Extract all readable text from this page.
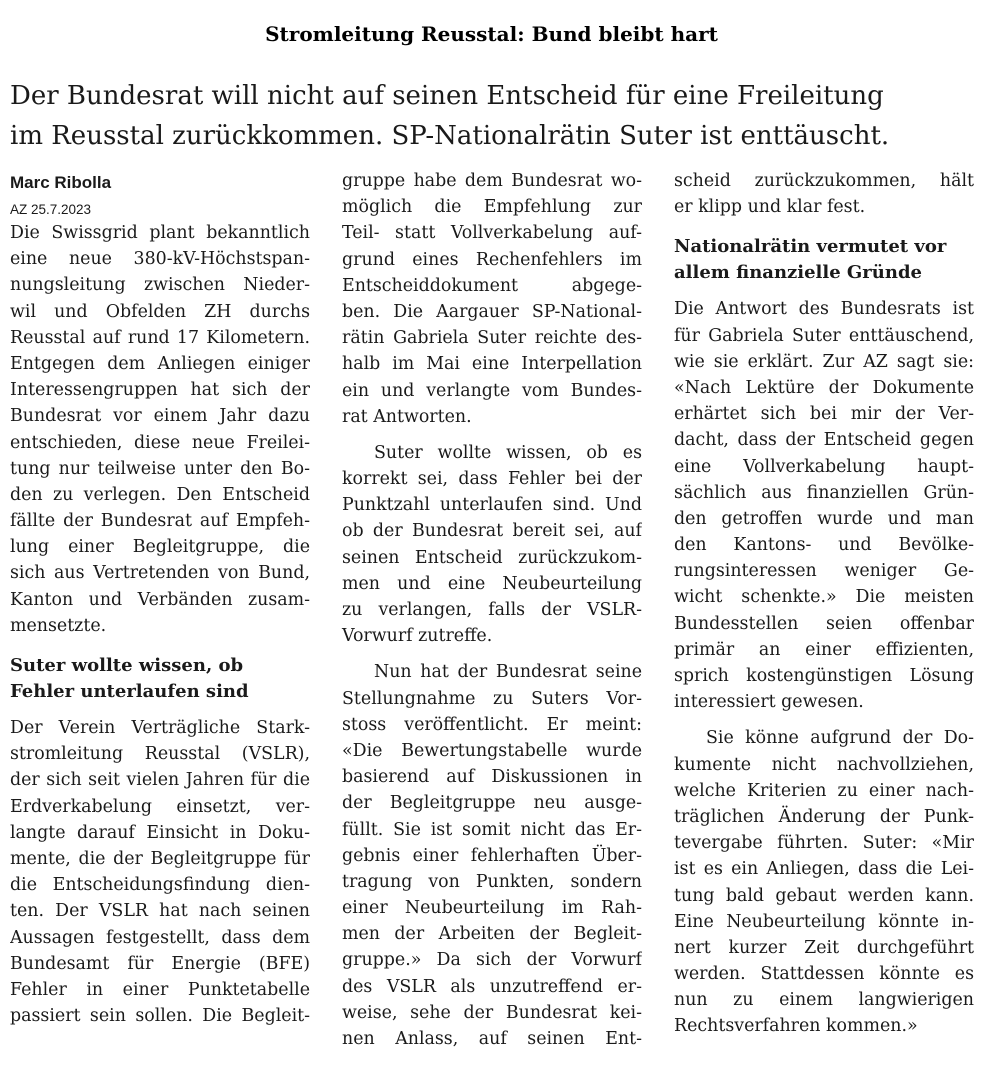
Stromleitung Reusstal: Bund bleibt hart
Der Bundesrat will nicht auf seinen Entscheid für eine Freileitung
im Reusstal zurückkommen. SP-Nationalrätin Suter ist enttäuscht.
Marc Ribolla
AZ 25.7.2023
Die Swissgrid plant bekanntlich
eine neue 380-kV-Höchstspan-
nungsleitung zwischen Nieder-
wil und Obfelden ZH durchs
Reusstal auf rund 17 Kilometern.
Entgegen dem Anliegen einiger
Interessengruppen hat sich der
Bundesrat vor einem Jahr dazu
entschieden, diese neue Freilei-
tung nur teilweise unter den Bo-
den zu verlegen. Den Entscheid
fällte der Bundesrat auf Empfeh-
lung einer Begleitgruppe, die
sich aus Vertretenden von Bund,
Kanton und Verbänden zusam-
mensetzte.
Suter wollte wissen, ob
Fehler unterlaufen sind
Der Verein Verträgliche Stark-
stromleitung Reusstal (VSLR),
der sich seit vielen Jahren für die
Erdverkabelung einsetzt, ver-
langte darauf Einsicht in Doku-
mente, die der Begleitgruppe für
die Entscheidungsfindung dien-
ten. Der VSLR hat nach seinen
Aussagen festgestellt, dass dem
Bundesamt für Energie (BFE)
Fehler in einer Punktetabelle
passiert sein sollen. Die Begleit-
gruppe habe dem Bundesrat wo-
möglich die Empfehlung zur
Teil- statt Vollverkabelung auf-
grund eines Rechenfehlers im
Entscheiddokument abgege-
ben. Die Aargauer SP-National-
rätin Gabriela Suter reichte des-
halb im Mai eine Interpellation
ein und verlangte vom Bundes-
rat Antworten.
Suter wollte wissen, ob es
korrekt sei, dass Fehler bei der
Punktzahl unterlaufen sind. Und
ob der Bundesrat bereit sei, auf
seinen Entscheid zurückzukom-
men und eine Neubeurteilung
zu verlangen, falls der VSLR-
Vorwurf zutreffe.
Nun hat der Bundesrat seine
Stellungnahme zu Suters Vor-
stoss veröffentlicht. Er meint:
«Die Bewertungstabelle wurde
basierend auf Diskussionen in
der Begleitgruppe neu ausge-
füllt. Sie ist somit nicht das Er-
gebnis einer fehlerhaften Über-
tragung von Punkten, sondern
einer Neubeurteilung im Rah-
men der Arbeiten der Begleit-
gruppe.» Da sich der Vorwurf
des VSLR als unzutreffend er-
weise, sehe der Bundesrat kei-
nen Anlass, auf seinen Ent-
scheid zurückzukommen, hält
er klipp und klar fest.
Nationalrätin vermutet vor
allem finanzielle Gründe
Die Antwort des Bundesrats ist
für Gabriela Suter enttäuschend,
wie sie erklärt. Zur AZ sagt sie:
«Nach Lektüre der Dokumente
erhärtet sich bei mir der Ver-
dacht, dass der Entscheid gegen
eine Vollverkabelung haupt-
sächlich aus finanziellen Grün-
den getroffen wurde und man
den Kantons- und Bevölke-
rungsinteressen weniger Ge-
wicht schenkte.» Die meisten
Bundesstellen seien offenbar
primär an einer effizienten,
sprich kostengünstigen Lösung
interessiert gewesen.
Sie könne aufgrund der Do-
kumente nicht nachvollziehen,
welche Kriterien zu einer nach-
träglichen Änderung der Punk-
tevergabe führten. Suter: «Mir
ist es ein Anliegen, dass die Lei-
tung bald gebaut werden kann.
Eine Neubeurteilung könnte in-
nert kurzer Zeit durchgeführt
werden. Stattdessen könnte es
nun zu einem langwierigen
Rechtsverfahren kommen.»
